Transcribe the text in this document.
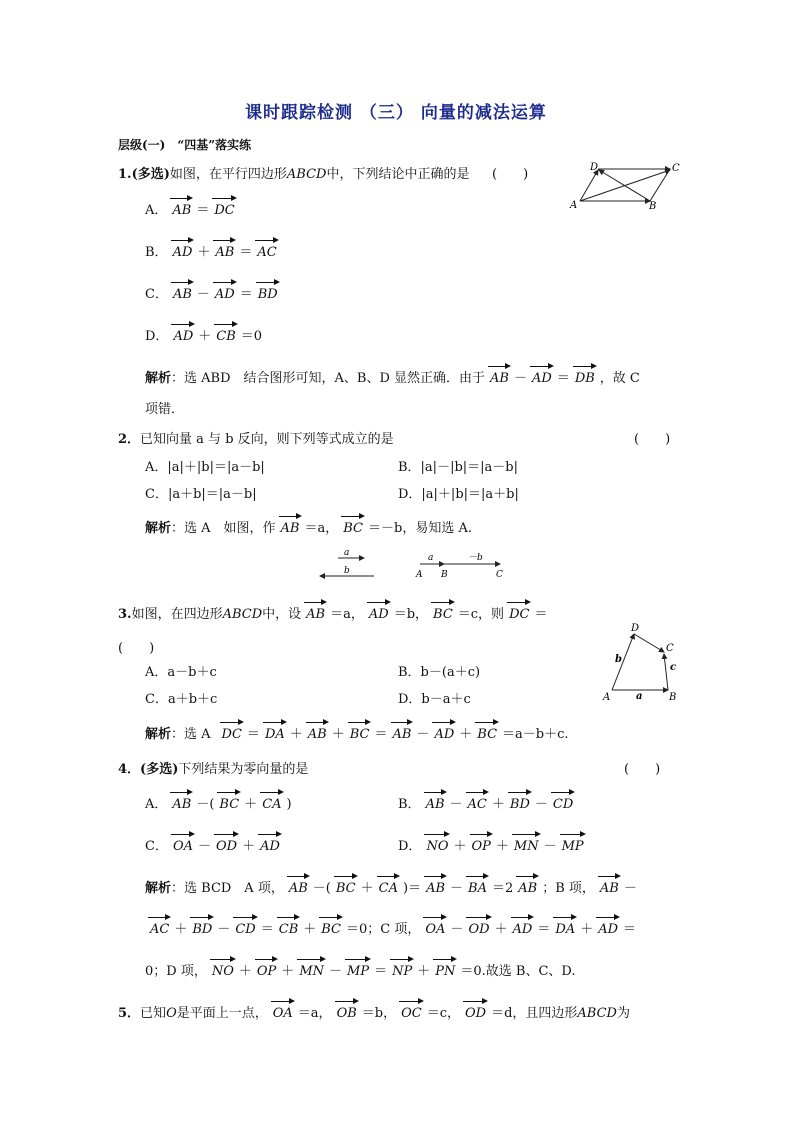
课时跟踪检测 （三） 向量的减法运算
层级(一)　“四基”落实练
1.(多选)如图，在平行四边形ABCD中，下列结论中正确的是 (　　)	D	C
A	B
A． AB ＝ DC
B． AD ＋ AB ＝ AC
C． AB － AD ＝ BD
D． AD ＋ CB ＝0
解析：选 ABD　结合图形可知，A、B、D 显然正确．由于 AB － AD ＝ DB ，故 C
项错．
2．已知向量 a 与 b 反向，则下列等式成立的是	(　　)
A．|a|＋|b|＝|a－b|	B．|a|－|b|＝|a－b|
C．|a＋b|＝|a－b|	D．|a|＋|b|＝|a＋b|
解析：选 A　如图，作 AB ＝a， BC ＝－b，易知选 A.
a
b
a	－b
A B	C
3.如图，在四边形ABCD中，设 AB ＝a， AD ＝b， BC ＝c，则 DC ＝
(　　)
A．a－b＋c	B．b－(a＋c)
C．a＋b＋c	D．b－a＋c
D
C
b
c
A	a	B
解析：选 A DC ＝ DA ＋ AB ＋ BC ＝ AB － AD ＋ BC ＝a－b＋c.
4．(多选)下列结果为零向量的是	(　　)
A． AB －( BC ＋ CA )	B． AB － AC ＋ BD － CD
C． OA － OD ＋ AD	D． NO ＋ OP ＋ MN － MP
解析：选 BCD　A 项， AB －( BC ＋ CA )＝ AB － BA ＝2 AB ；B 项， AB －
AC ＋ BD － CD ＝ CB ＋ BC ＝0；C 项， OA － OD ＋ AD ＝ DA ＋ AD ＝
0；D 项， NO ＋ OP ＋ MN － MP ＝ NP ＋ PN ＝0.故选 B、C、D.
5．已知O是平面上一点， OA ＝a， OB ＝b， OC ＝c， OD ＝d，且四边形ABCD为
